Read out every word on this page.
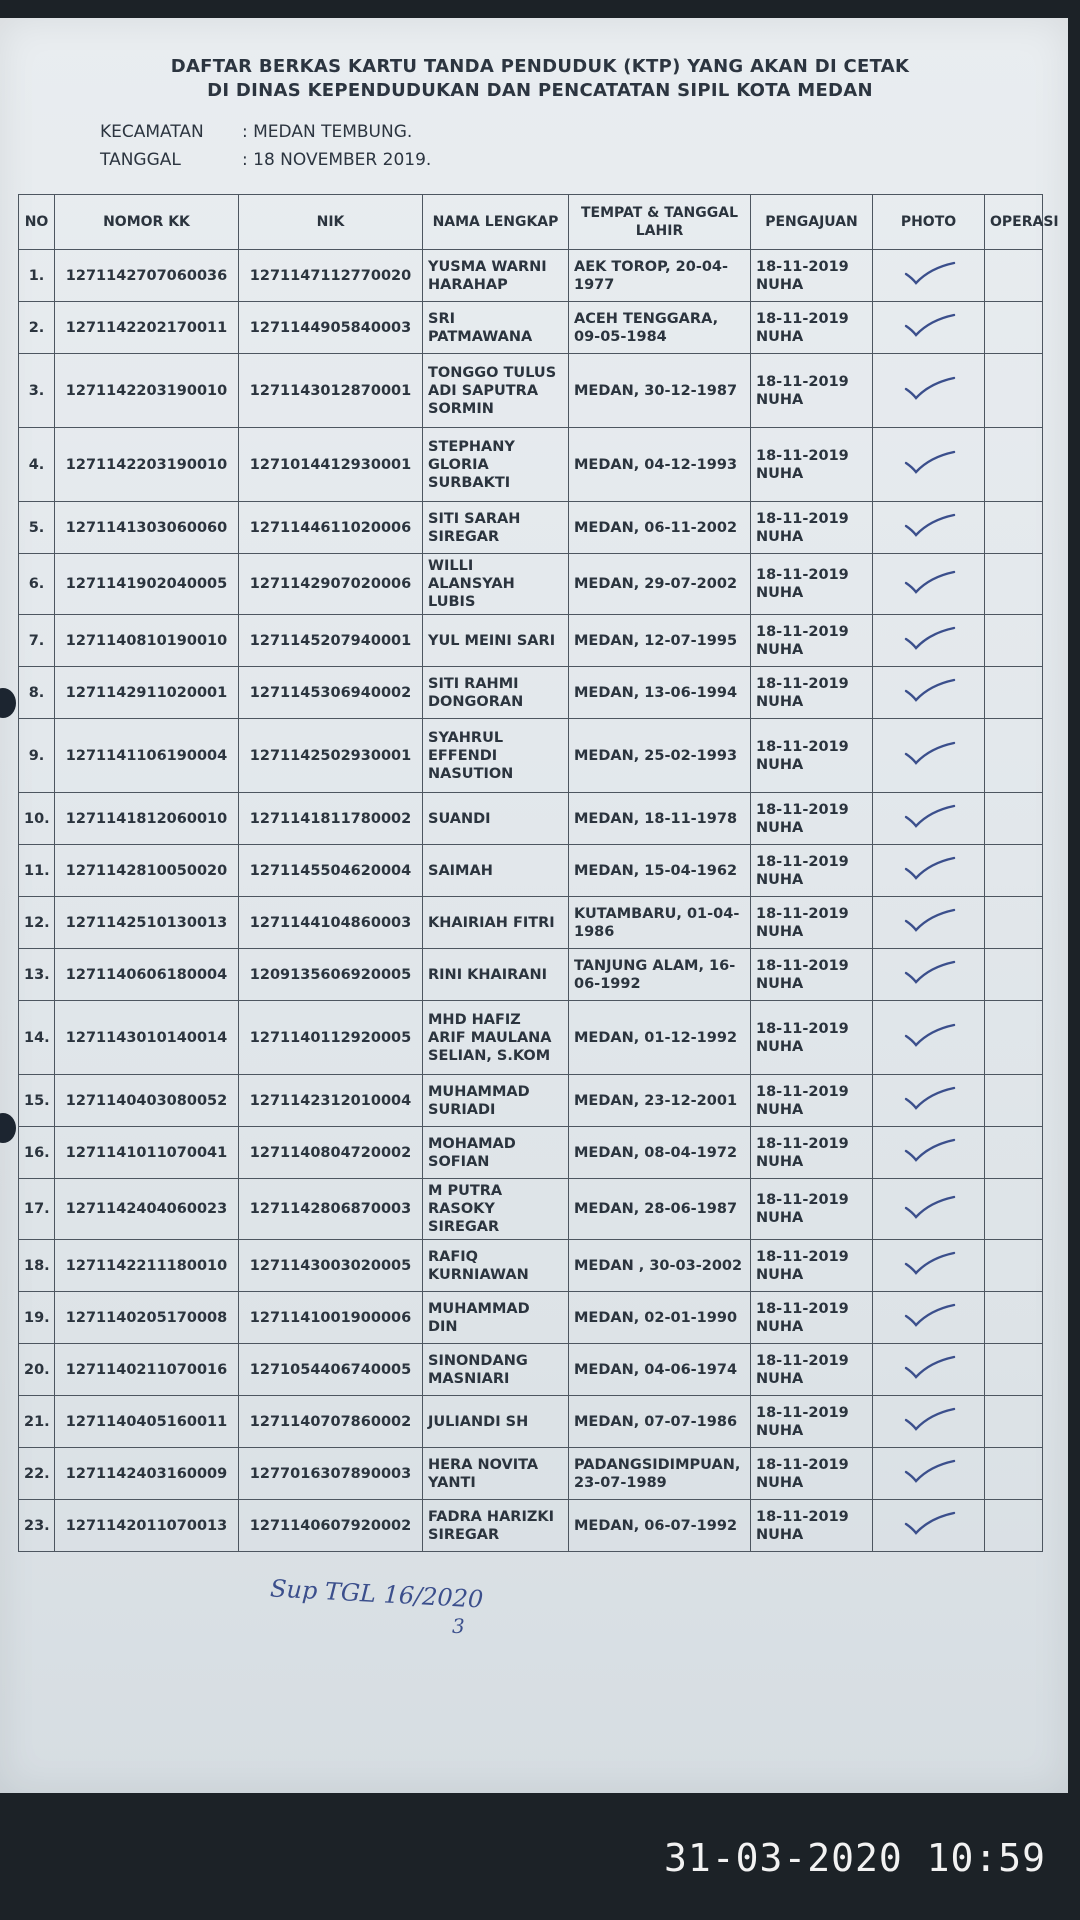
DAFTAR BERKAS KARTU TANDA PENDUDUK (KTP) YANG AKAN DI CETAK
DI DINAS KEPENDUDUKAN DAN PENCATATAN SIPIL KOTA MEDAN
KECAMATAN : MEDAN TEMBUNG.
TANGGAL	: 18 NOVEMBER 2019.
NO	NOMOR KK	NIK	NAMA LENGKAP	TEMPAT & TANGGAL LAHIR	PENGAJUAN	PHOTO	OPERASI
1.	1271142707060036	1271147112770020	YUSMA WARNI HARAHAP	AEK TOROP, 20-04-1977	18-11-2019 NUHA		
2.	1271142202170011	1271144905840003	SRI PATMAWANA	ACEH TENGGARA, 09-05-1984	18-11-2019 NUHA		
3.	1271142203190010	1271143012870001	TONGGO TULUS ADI SAPUTRA SORMIN	MEDAN, 30-12-1987	18-11-2019 NUHA		
4.	1271142203190010	1271014412930001	STEPHANY GLORIA SURBAKTI	MEDAN, 04-12-1993	18-11-2019 NUHA		
5.	1271141303060060	1271144611020006	SITI SARAH SIREGAR	MEDAN, 06-11-2002	18-11-2019 NUHA		
6.	1271141902040005	1271142907020006	WILLI ALANSYAH LUBIS	MEDAN, 29-07-2002	18-11-2019 NUHA		
7.	1271140810190010	1271145207940001	YUL MEINI SARI	MEDAN, 12-07-1995	18-11-2019 NUHA		
8.	1271142911020001	1271145306940002	SITI RAHMI DONGORAN	MEDAN, 13-06-1994	18-11-2019 NUHA		
9.	1271141106190004	1271142502930001	SYAHRUL EFFENDI NASUTION	MEDAN, 25-02-1993	18-11-2019 NUHA		
10.	1271141812060010	1271141811780002	SUANDI	MEDAN, 18-11-1978	18-11-2019 NUHA		
11.	1271142810050020	1271145504620004	SAIMAH	MEDAN, 15-04-1962	18-11-2019 NUHA		
12.	1271142510130013	1271144104860003	KHAIRIAH FITRI	KUTAMBARU, 01-04-1986	18-11-2019 NUHA		
13.	1271140606180004	1209135606920005	RINI KHAIRANI	TANJUNG ALAM, 16-06-1992	18-11-2019 NUHA		
14.	1271143010140014	1271140112920005	MHD HAFIZ ARIF MAULANA SELIAN, S.KOM	MEDAN, 01-12-1992	18-11-2019 NUHA		
15.	1271140403080052	1271142312010004	MUHAMMAD SURIADI	MEDAN, 23-12-2001	18-11-2019 NUHA		
16.	1271141011070041	1271140804720002	MOHAMAD SOFIAN	MEDAN, 08-04-1972	18-11-2019 NUHA		
17.	1271142404060023	1271142806870003	M PUTRA RASOKY SIREGAR	MEDAN, 28-06-1987	18-11-2019 NUHA		
18.	1271142211180010	1271143003020005	RAFIQ KURNIAWAN	MEDAN , 30-03-2002	18-11-2019 NUHA		
19.	1271140205170008	1271141001900006	MUHAMMAD DIN	MEDAN, 02-01-1990	18-11-2019 NUHA		
20.	1271140211070016	1271054406740005	SINONDANG MASNIARI	MEDAN, 04-06-1974	18-11-2019 NUHA		
21.	1271140405160011	1271140707860002	JULIANDI SH	MEDAN, 07-07-1986	18-11-2019 NUHA		
22.	1271142403160009	1277016307890003	HERA NOVITA YANTI	PADANGSIDIMPUAN, 23-07-1989	18-11-2019 NUHA		
23.	1271142011070013	1271140607920002	FADRA HARIZKI SIREGAR	MEDAN, 06-07-1992	18-11-2019 NUHA		
Sup TGL 16/2020
3
31-03-2020 10:59
